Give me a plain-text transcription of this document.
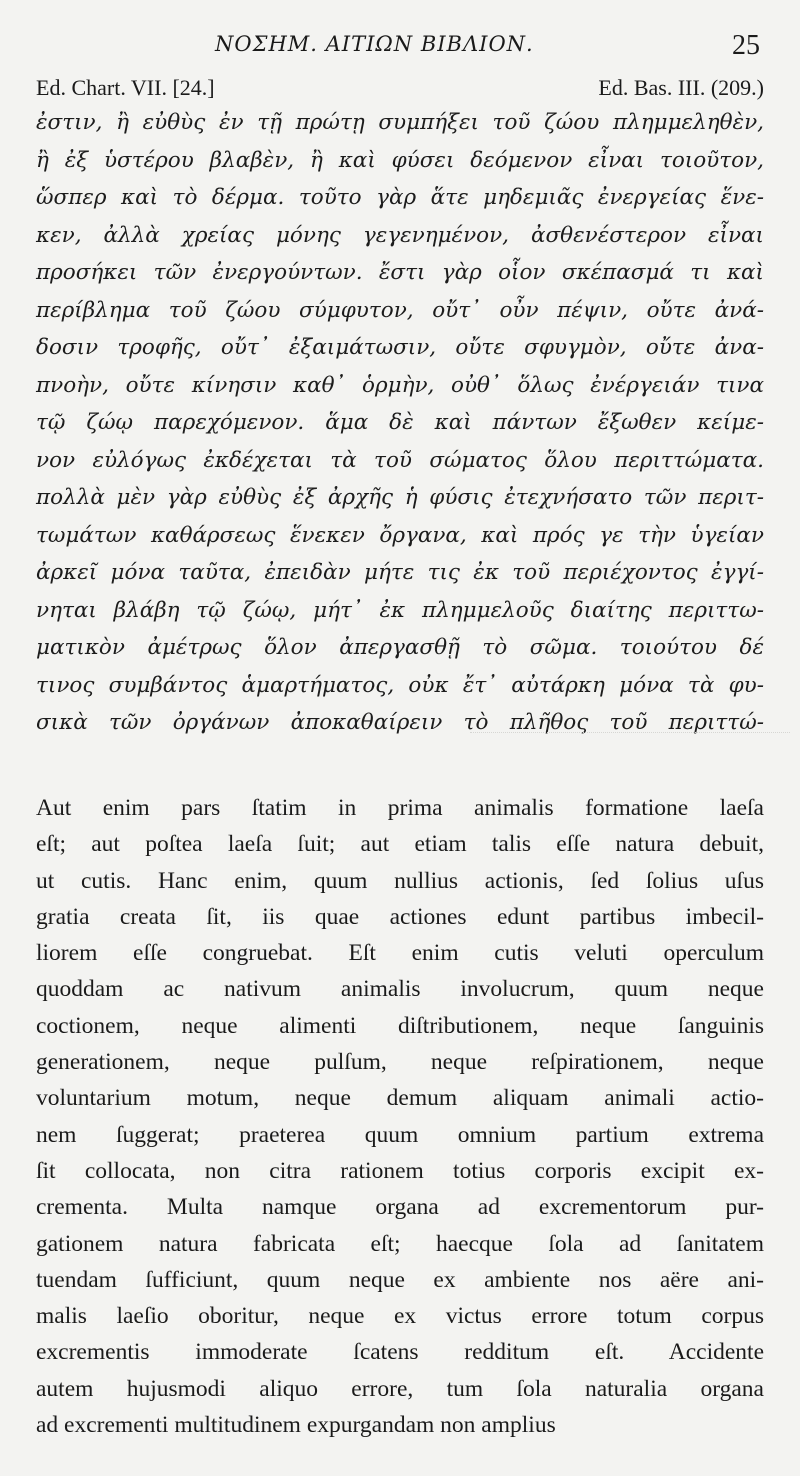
ΝΟΣΗΜ. ΑΙΤΙΩΝ ΒΙΒΛΙΟΝ.	25
Ed. Chart. VII. [24.]	Ed. Bas. III. (209.)
ἐστιν, ἢ εὐθὺς ἐν τῇ πρώτῃ συμπήξει τοῦ ζώου πλημμεληθὲν,
ἢ ἐξ ὑστέρου βλαβὲν, ἢ καὶ φύσει δεόμενον εἶναι τοιοῦτον,
ὥσπερ καὶ τὸ δέρμα. τοῦτο γὰρ ἅτε μηδεμιᾶς ἐνεργείας ἕνε-
κεν, ἀλλὰ χρείας μόνης γεγενημένον, ἀσθενέστερον εἶναι
προσήκει τῶν ἐνεργούντων. ἔστι γὰρ οἷον σκέπασμά τι καὶ
περίβλημα τοῦ ζώου σύμφυτον, οὔτ᾽ οὖν πέψιν, οὔτε ἀνά-
δοσιν τροφῆς, οὔτ᾽ ἐξαιμάτωσιν, οὔτε σφυγμὸν, οὔτε ἀνα-
πνοὴν, οὔτε κίνησιν καθ᾽ ὁρμὴν, οὐθ᾽ ὅλως ἐνέργειάν τινα
τῷ ζώῳ παρεχόμενον. ἅμα δὲ καὶ πάντων ἔξωθεν κείμε-
νον εὐλόγως ἐκδέχεται τὰ τοῦ σώματος ὅλου περιττώματα.
πολλὰ μὲν γὰρ εὐθὺς ἐξ ἀρχῆς ἡ φύσις ἐτεχνήσατο τῶν περιτ-
τωμάτων καθάρσεως ἕνεκεν ὄργανα, καὶ πρός γε τὴν ὑγείαν
ἀρκεῖ μόνα ταῦτα, ἐπειδὰν μήτε τις ἐκ τοῦ περιέχοντος ἐγγί-
νηται βλάβη τῷ ζώῳ, μήτ᾽ ἐκ πλημμελοῦς διαίτης περιττω-
ματικὸν ἀμέτρως ὅλον ἀπεργασθῇ τὸ σῶμα. τοιούτου δέ
τινος συμβάντος ἁμαρτήματος, οὐκ ἔτ᾽ αὐτάρκη μόνα τὰ φυ-
σικὰ τῶν ὀργάνων ἀποκαθαίρειν τὸ πλῆθος τοῦ περιττώ-
Aut enim pars ſtatim in prima animalis formatione laeſa
eſt; aut poſtea laeſa ſuit; aut etiam talis eſſe natura debuit,
ut cutis. Hanc enim, quum nullius actionis, ſed ſolius uſus
gratia creata ſit, iis quae actiones edunt partibus imbecil-
liorem eſſe congruebat. Eſt enim cutis veluti operculum
quoddam ac nativum animalis involucrum, quum neque
coctionem, neque alimenti diſtributionem, neque ſanguinis
generationem, neque pulſum, neque reſpirationem, neque
voluntarium motum, neque demum aliquam animali actio-
nem ſuggerat; praeterea quum omnium partium extrema
ſit collocata, non citra rationem totius corporis excipit ex-
crementa. Multa namque organa ad excrementorum pur-
gationem natura fabricata eſt; haecque ſola ad ſanitatem
tuendam ſufficiunt, quum neque ex ambiente nos aëre ani-
malis laeſio oboritur, neque ex victus errore totum corpus
excrementis immoderate ſcatens redditum eſt. Accidente
autem hujusmodi aliquo errore, tum ſola naturalia organa
ad excrementi multitudinem expurgandam non amplius
